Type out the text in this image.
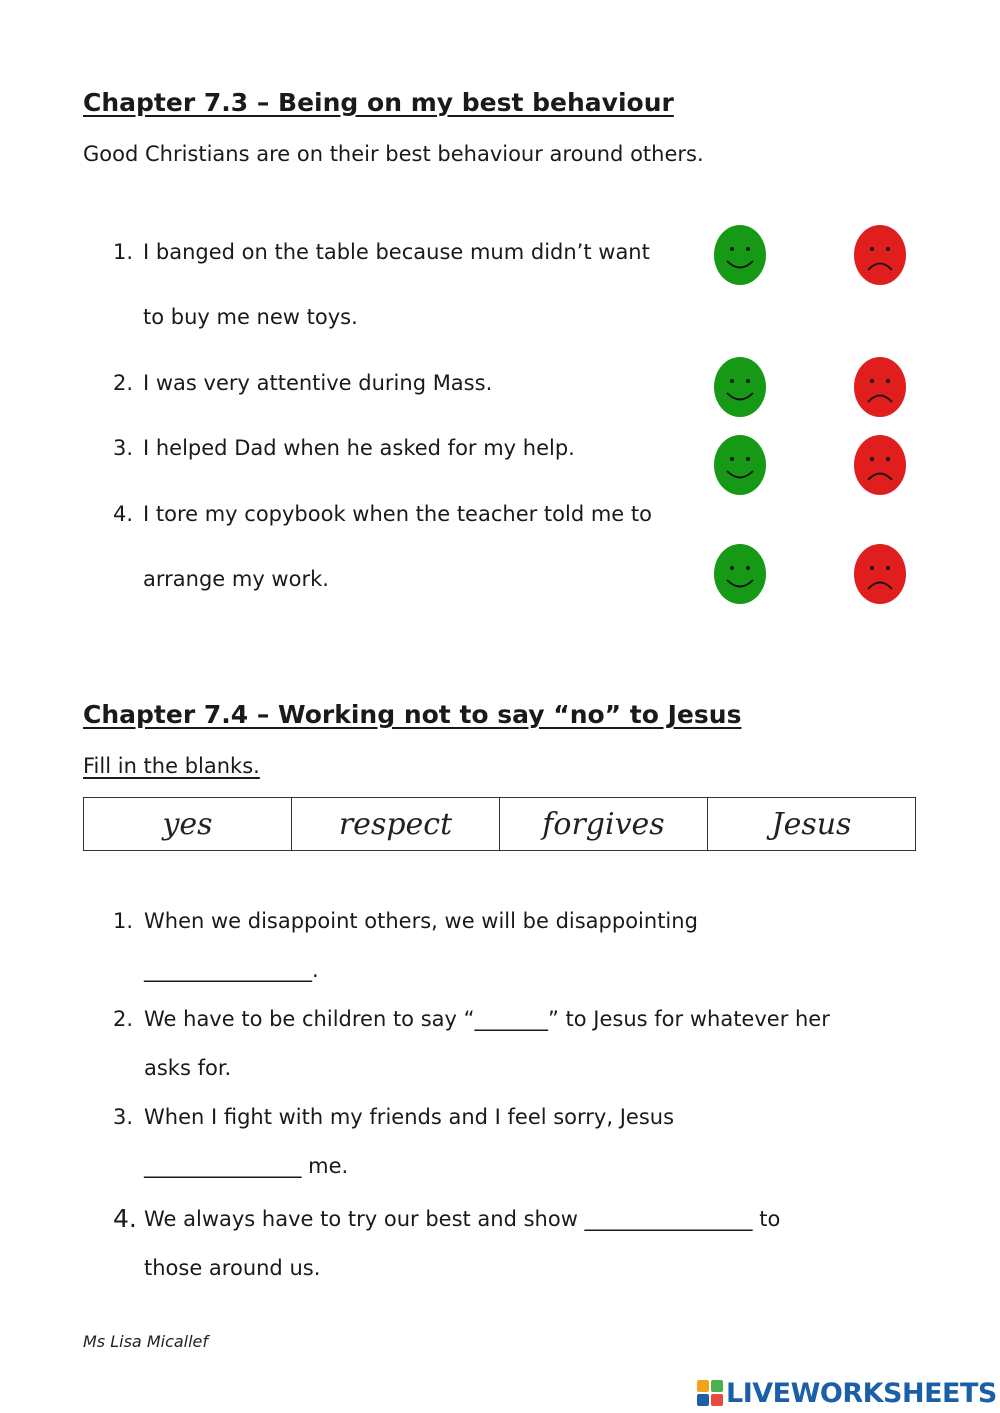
Chapter 7.3 – Being on my best behaviour
Good Christians are on their best behaviour around others.
1. I banged on the table because mum didn’t want
to buy me new toys.
2. I was very attentive during Mass.
3. I helped Dad when he asked for my help.
4. I tore my copybook when the teacher told me to
arrange my work.
Chapter 7.4 – Working not to say “no” to Jesus
Fill in the blanks.
yes	respect	forgives	Jesus
1. When we disappoint others, we will be disappointing
________________.
2. We have to be children to say “_______” to Jesus for whatever her
asks for.
3. When I fight with my friends and I feel sorry, Jesus
_______________ me.
4. We always have to try our best and show ________________ to
those around us.
Ms Lisa Micallef
LIVEWORKSHEETS
